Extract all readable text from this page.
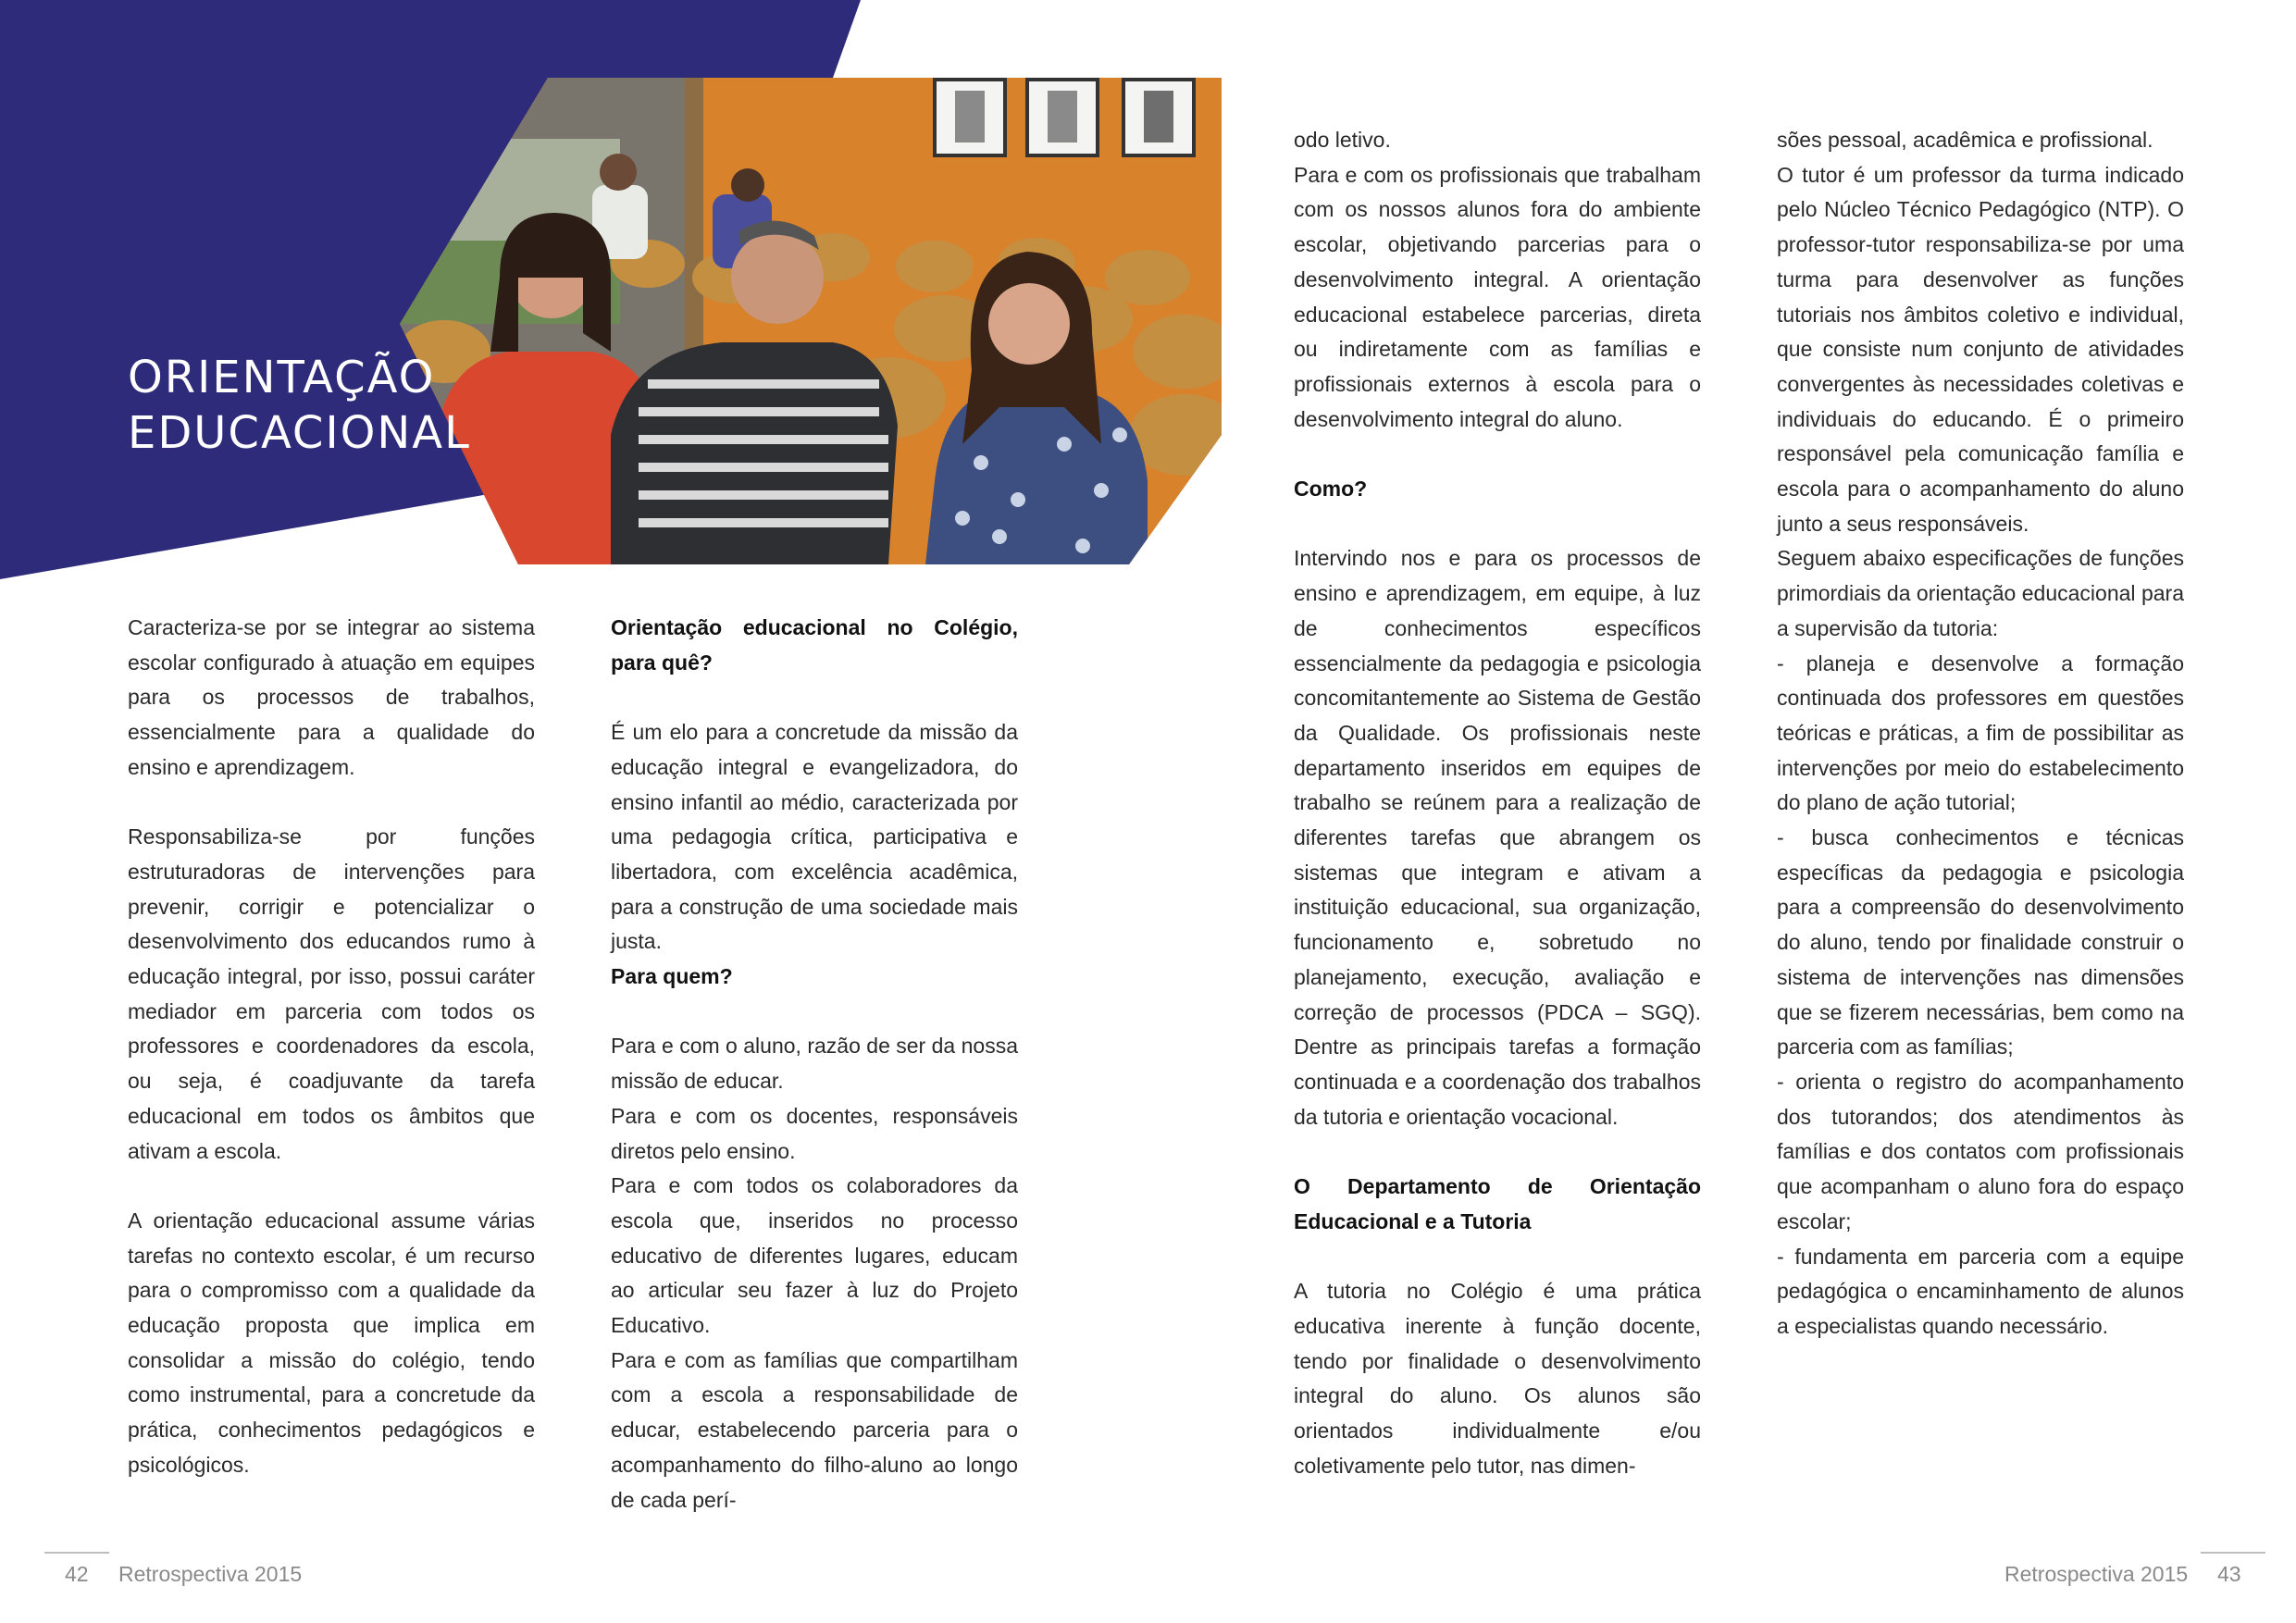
ORIENTAÇÃO
EDUCACIONAL

Caracteriza-se por se integrar ao sistema escolar configurado à atuação em equipes para os processos de trabalhos, essencialmente para a qualidade do ensino e aprendizagem.

Responsabiliza-se por funções estruturadoras de intervenções para prevenir, corrigir e potencializar o desenvolvimento dos educandos rumo à educação integral, por isso, possui caráter mediador em parceria com todos os professores e coordenadores da escola, ou seja, é coadjuvante da tarefa educacional em todos os âmbitos que ativam a escola.

A orientação educacional assume várias tarefas no contexto escolar, é um recurso para o compromisso com a qualidade da educação proposta que implica em consolidar a missão do colégio, tendo como instrumental, para a concretude da prática, conhecimentos pedagógicos e psicológicos.

Orientação educacional no Colégio, para quê?

É um elo para a concretude da missão da educação integral e evangelizadora, do ensino infantil ao médio, caracterizada por uma pedagogia crítica, participativa e libertadora, com excelência acadêmica, para a construção de uma sociedade mais justa.

Para quem?

Para e com o aluno, razão de ser da nossa missão de educar.

Para e com os docentes, responsáveis diretos pelo ensino.

Para e com todos os colaboradores da escola que, inseridos no processo educativo de diferentes lugares, educam ao articular seu fazer à luz do Projeto Educativo.

Para e com as famílias que compartilham com a escola a responsabilidade de educar, estabelecendo parceria para o acompanhamento do filho-aluno ao longo de cada perí-

odo letivo.

Para e com os profissionais que trabalham com os nossos alunos fora do ambiente escolar, objetivando parcerias para o desenvolvimento integral. A orientação educacional estabelece parcerias, direta ou indiretamente com as famílias e profissionais externos à escola para o desenvolvimento integral do aluno.

Como?

Intervindo nos e para os processos de ensino e aprendizagem, em equipe, à luz de conhecimentos específicos essencialmente da pedagogia e psicologia concomitantemente ao Sistema de Gestão da Qualidade. Os profissionais neste departamento inseridos em equipes de trabalho se reúnem para a realização de diferentes tarefas que abrangem os sistemas que integram e ativam a instituição educacional, sua organização, funcionamento e, sobretudo no planejamento, execução, avaliação e correção de processos (PDCA – SGQ). Dentre as principais tarefas a formação continuada e a coordenação dos trabalhos da tutoria e orientação vocacional.

O Departamento de Orientação Educacional e a Tutoria

A tutoria no Colégio é uma prática educativa inerente à função docente, tendo por finalidade o desenvolvimento integral do aluno. Os alunos são orientados individualmente e/ou coletivamente pelo tutor, nas dimen-

sões pessoal, acadêmica e profissional.

O tutor é um professor da turma indicado pelo Núcleo Técnico Pedagógico (NTP). O professor-tutor responsabiliza-se por uma turma para desenvolver as funções tutoriais nos âmbitos coletivo e individual, que consiste num conjunto de atividades convergentes às necessidades coletivas e individuais do educando. É o primeiro responsável pela comunicação família e escola para o acompanhamento do aluno junto a seus responsáveis.

Seguem abaixo especificações de funções primordiais da orientação educacional para a supervisão da tutoria:

- planeja e desenvolve a formação continuada dos professores em questões teóricas e práticas, a fim de possibilitar as intervenções por meio do estabelecimento do plano de ação tutorial;

- busca conhecimentos e técnicas específicas da pedagogia e psicologia para a compreensão do desenvolvimento do aluno, tendo por finalidade construir o sistema de intervenções nas dimensões que se fizerem necessárias, bem como na parceria com as famílias;

- orienta o registro do acompanhamento dos tutorandos; dos atendimentos às famílias e dos contatos com profissionais que acompanham o aluno fora do espaço escolar;

- fundamenta em parceria com a equipe pedagógica o encaminhamento de alunos a especialistas quando necessário.

42 Retrospectiva 2015	Retrospectiva 2015 43
